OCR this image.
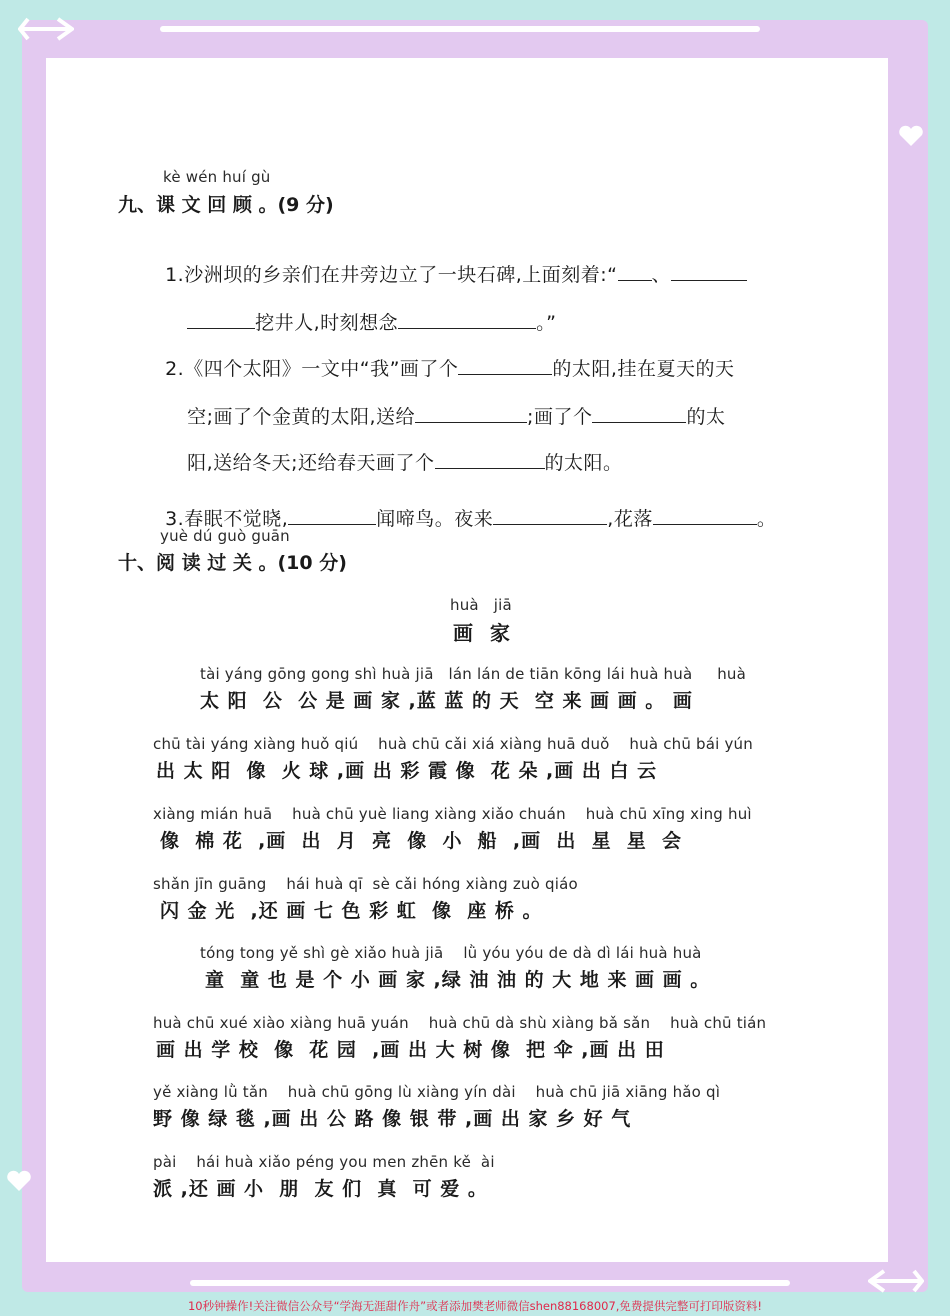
kè wén huí gù
九、课 文 回 顾 。(9 分)

1.沙洲坝的乡亲们在井旁边立了一块石碑,上面刻着:“ 、

挖井人,时刻想念	。”

2.《四个太阳》一文中“我”画了个	的太阳,挂在夏天的天

空;画了个金黄的太阳,送给	;画了个	的太

阳,送给冬天;还给春天画了个	的太阳。

3.春眠不觉晓,	闻啼鸟。夜来	,花落	。

yuè dú guò guān
十、阅 读 过 关 。(10 分)
huà   jiā
画  家
tài yáng gōng gong shì huà jiā   lán lán de tiān kōng lái huà huà     huà
太 阳  公  公 是 画 家 ,蓝 蓝 的 天  空 来 画 画 。 画
chū tài yáng xiàng huǒ qiú    huà chū cǎi xiá xiàng huā duǒ    huà chū bái yún
出 太 阳  像  火 球 ,画 出 彩 霞 像  花 朵 ,画 出 白 云
xiàng mián huā    huà chū yuè liang xiàng xiǎo chuán    huà chū xīng xing huì
像  棉 花  ,画  出  月  亮  像  小  船  ,画  出  星  星  会
shǎn jīn guāng    hái huà qī  sè cǎi hóng xiàng zuò qiáo
闪 金 光  ,还 画 七 色 彩 虹  像  座 桥 。
tóng tong yě shì gè xiǎo huà jiā    lǜ yóu yóu de dà dì lái huà huà
童  童 也 是 个 小 画 家 ,绿 油 油 的 大 地 来 画 画 。
huà chū xué xiào xiàng huā yuán    huà chū dà shù xiàng bǎ sǎn    huà chū tián
画 出 学 校  像  花 园  ,画 出 大 树 像  把 伞 ,画 出 田
yě xiàng lǜ tǎn    huà chū gōng lù xiàng yín dài    huà chū jiā xiāng hǎo qì
野 像 绿 毯 ,画 出 公 路 像 银 带 ,画 出 家 乡 好 气
pài    hái huà xiǎo péng you men zhēn kě  ài
派 ,还 画 小  朋  友 们  真  可 爱 。
10秒钟操作!关注微信公众号“学海无涯甜作舟”或者添加樊老师微信shen88168007,免费提供完整可打印版资料!
